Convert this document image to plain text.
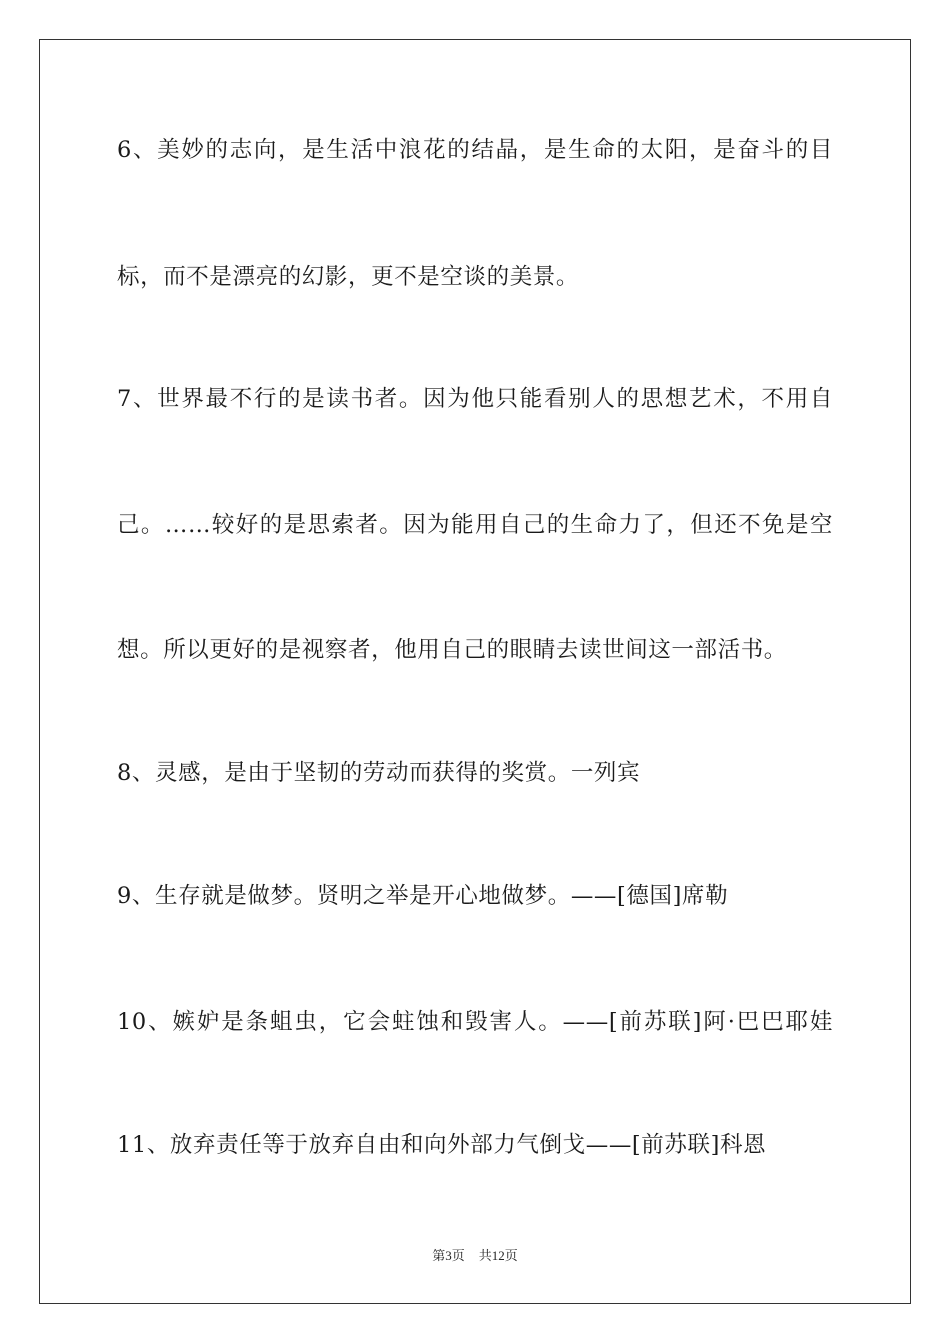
6、美妙的志向，是生活中浪花的结晶，是生命的太阳，是奋斗的目
标，而不是漂亮的幻影，更不是空谈的美景。
7、世界最不行的是读书者。因为他只能看别人的思想艺术，不用自
己。……较好的是思索者。因为能用自己的生命力了，但还不免是空
想。所以更好的是视察者，他用自己的眼睛去读世间这一部活书。
8、灵感，是由于坚韧的劳动而获得的奖赏。一列宾
9、生存就是做梦。贤明之举是开心地做梦。——[德国]席勒
10、嫉妒是条蛆虫，它会蛀蚀和毁害人。——[前苏联]阿·巴巴耶娃
11、放弃责任等于放弃自由和向外部力气倒戈——[前苏联]科恩
第3页 共12页
